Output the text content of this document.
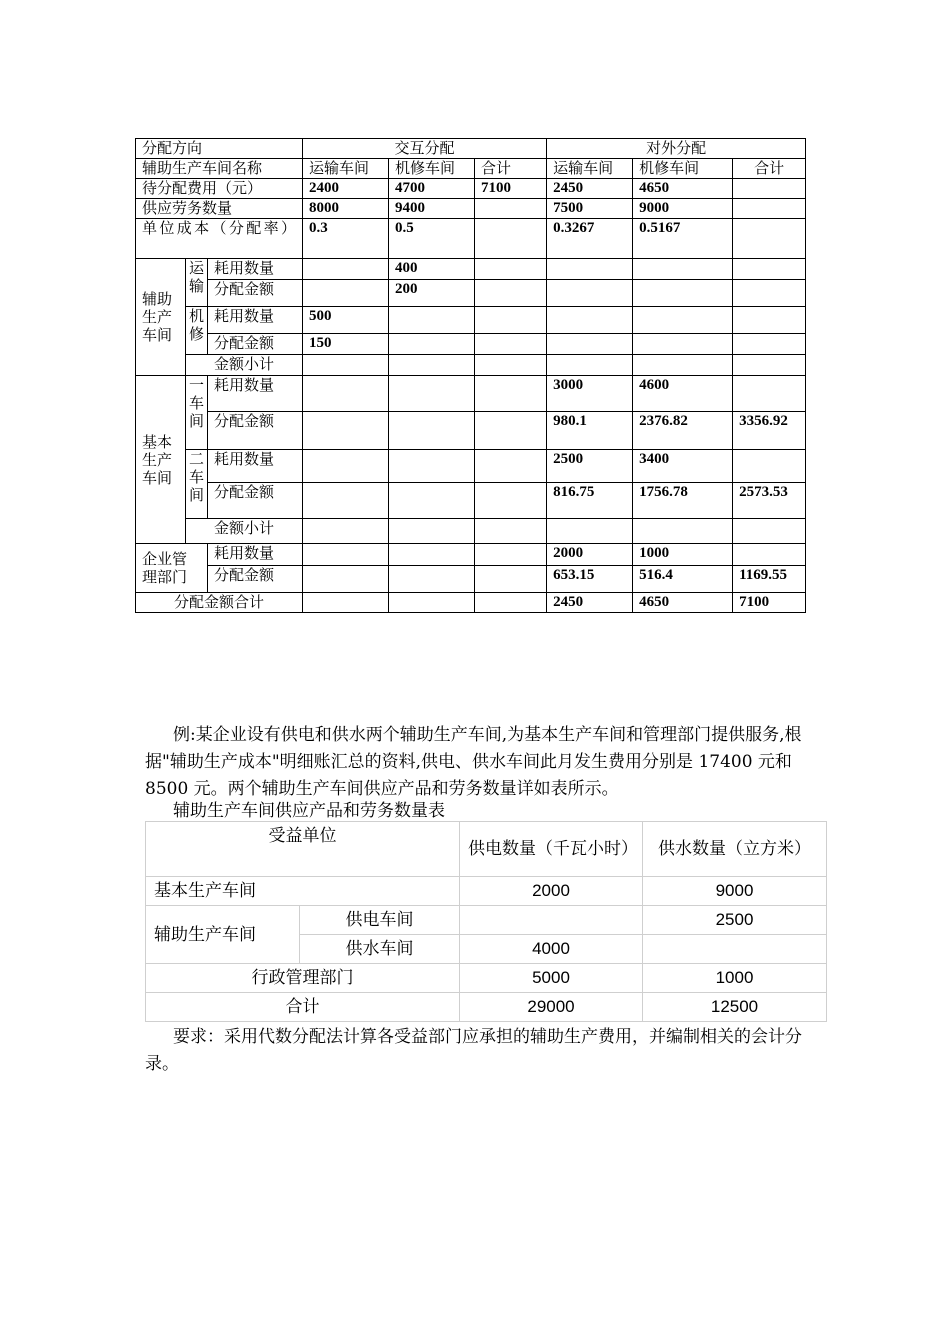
分配方向			交互分配			对外分配		
辅助生产车间名称			运输车间	机修车间	合计	运输车间	机修车间	合计
待分配费用（元）			2400	4700	7100	2450	4650	
供应劳务数量			8000	9400		7500	9000	
单位成本（分配率）			0.3	0.5		0.3267	0.5167	
辅助生产车间	运输	耗用数量		400				
		分配金额		200				
	机修	耗用数量	500					
		分配金额	150					
	金额小计							
基本生产车间	一车间	耗用数量				3000	4600	
		分配金额				980.1	2376.82	3356.92
	二车间	耗用数量				2500	3400	
		分配金额				816.75	1756.78	2573.53
	金额小计							
企业管理部门		耗用数量				2000	1000	
		分配金额				653.15	516.4	1169.55
分配金额合计						2450	4650	7100

例:某企业设有供电和供水两个辅助生产车间,为基本生产车间和管理部门提供服务,根据"辅助生产成本"明细账汇总的资料,供电、供水车间此月发生费用分别是 17400 元和 8500 元。两个辅助生产车间供应产品和劳务数量详如表所示。

辅助生产车间供应产品和劳务数量表

受益单位		供电数量（千瓦小时）	供水数量（立方米）
基本生产车间		2000	9000
辅助生产车间	供电车间		2500
	供水车间	4000	
行政管理部门		5000	1000
合计		29000	12500

要求：采用代数分配法计算各受益部门应承担的辅助生产费用，并编制相关的会计分录。
